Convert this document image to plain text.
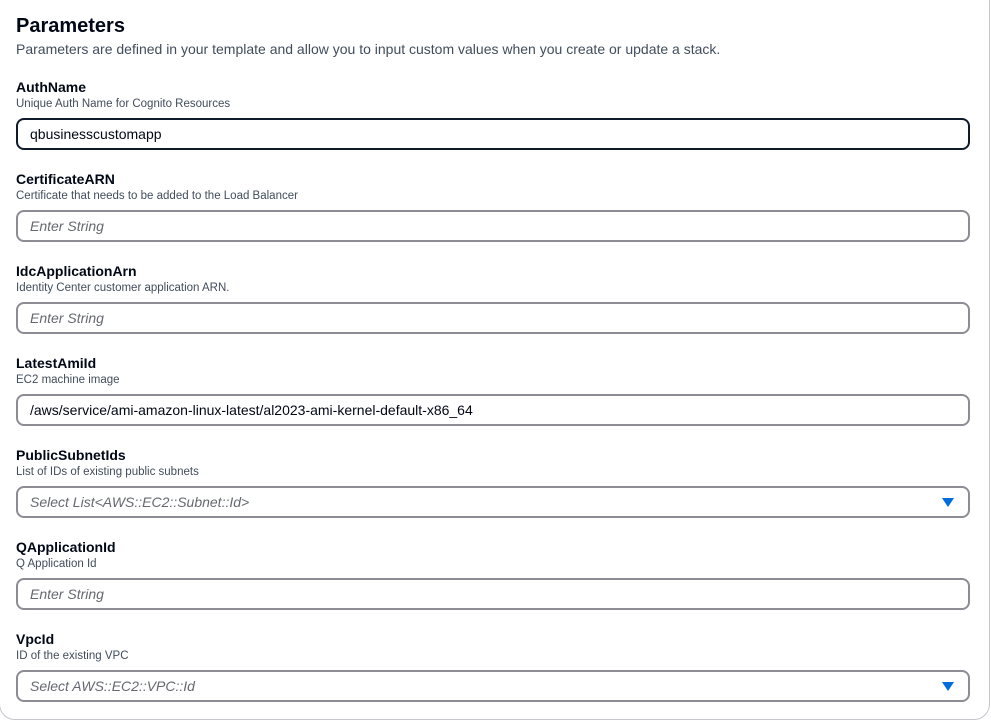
Parameters
Parameters are defined in your template and allow you to input custom values when you create or update a stack.
AuthName
Unique Auth Name for Cognito Resources
qbusinesscustomapp
CertificateARN
Certificate that needs to be added to the Load Balancer
Enter String
IdcApplicationArn
Identity Center customer application ARN.
Enter String
LatestAmiId
EC2 machine image
/aws/service/ami-amazon-linux-latest/al2023-ami-kernel-default-x86_64
PublicSubnetIds
List of IDs of existing public subnets
Select List<AWS::EC2::Subnet::Id>
QApplicationId
Q Application Id
Enter String
VpcId
ID of the existing VPC
Select AWS::EC2::VPC::Id
